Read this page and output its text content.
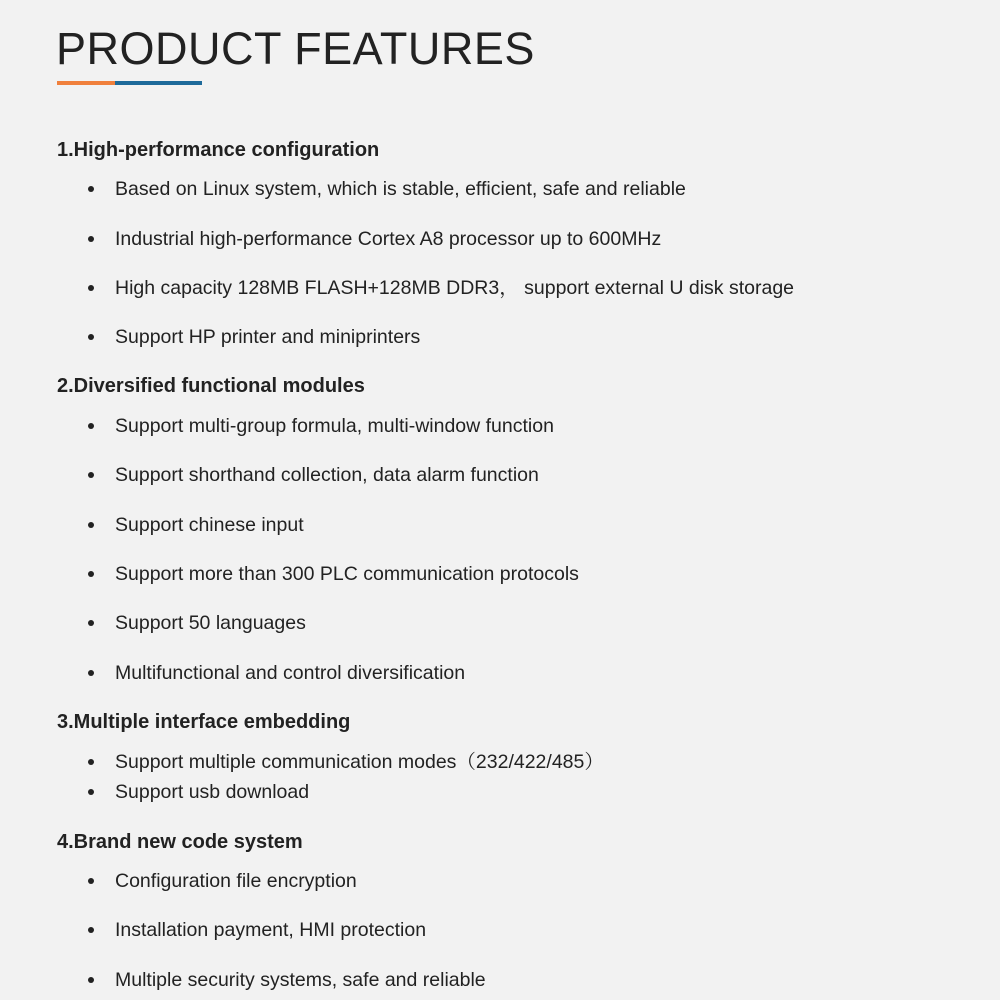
PRODUCT FEATURES
1.High-performance configuration
Based on Linux system, which is stable, efficient, safe and reliable
Industrial high-performance Cortex A8 processor up to 600MHz
High capacity 128MB FLASH+128MB DDR3， support external U disk storage
Support HP printer and miniprinters
2.Diversified functional modules
Support multi-group formula, multi-window function
Support shorthand collection, data alarm function
Support chinese input
Support more than 300 PLC communication protocols
Support 50 languages
Multifunctional and control diversification
3.Multiple interface embedding
Support multiple communication modes（232/422/485）
Support usb download
4.Brand new code system
Configuration file encryption
Installation payment, HMI protection
Multiple security systems, safe and reliable
